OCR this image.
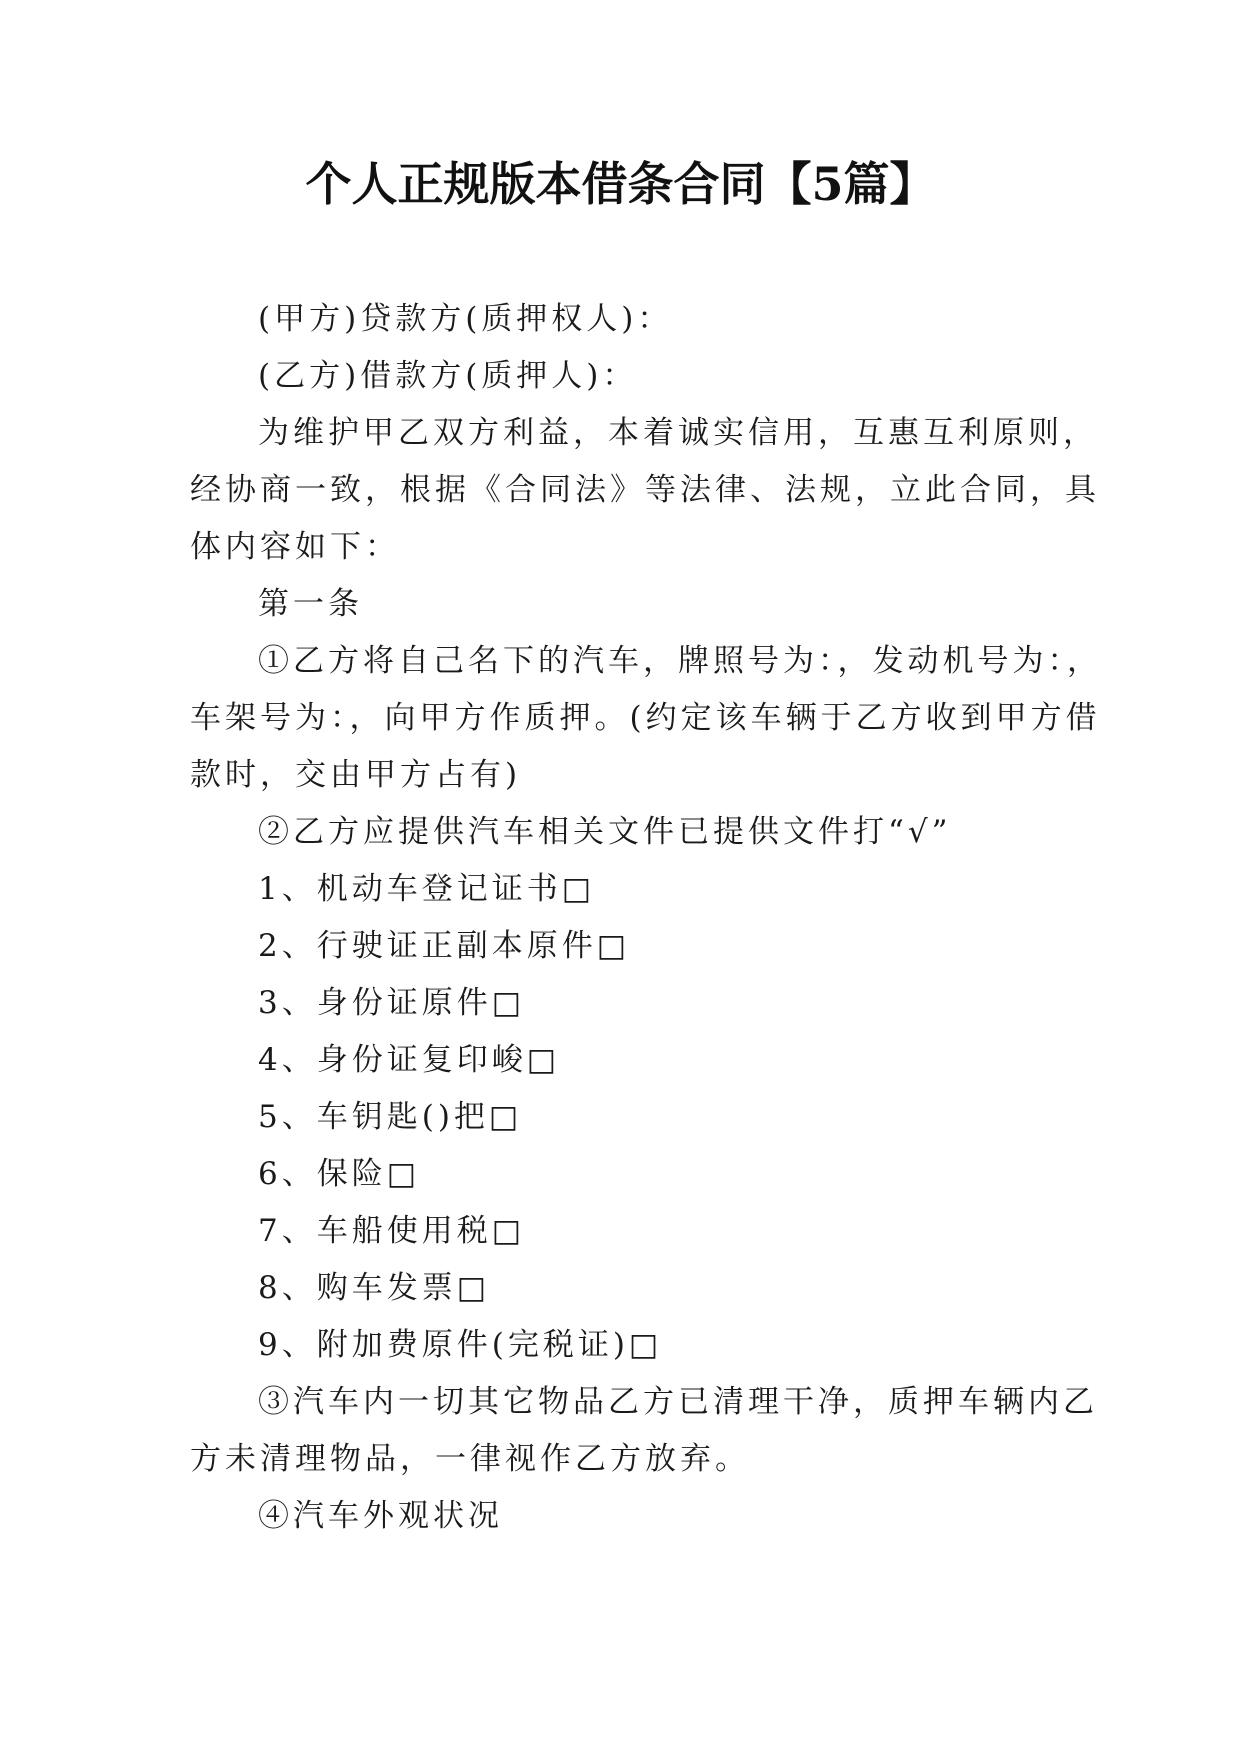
个人正规版本借条合同【5篇】
(甲方)贷款方(质押权人)：
(乙方)借款方(质押人)：
为维护甲乙双方利益，本着诚实信用，互惠互利原则，
经协商一致，根据《合同法》等法律、法规，立此合同，具
体内容如下：
第一条
①乙方将自己名下的汽车，牌照号为：，发动机号为：，
车架号为：，向甲方作质押。(约定该车辆于乙方收到甲方借
款时，交由甲方占有)
②乙方应提供汽车相关文件已提供文件打“√”
1、机动车登记证书□
2、行驶证正副本原件□
3、身份证原件□
4、身份证复印峻□
5、车钥匙()把□
6、保险□
7、车船使用税□
8、购车发票□
9、附加费原件(完税证)□
③汽车内一切其它物品乙方已清理干净，质押车辆内乙
方未清理物品，一律视作乙方放弃。
④汽车外观状况
